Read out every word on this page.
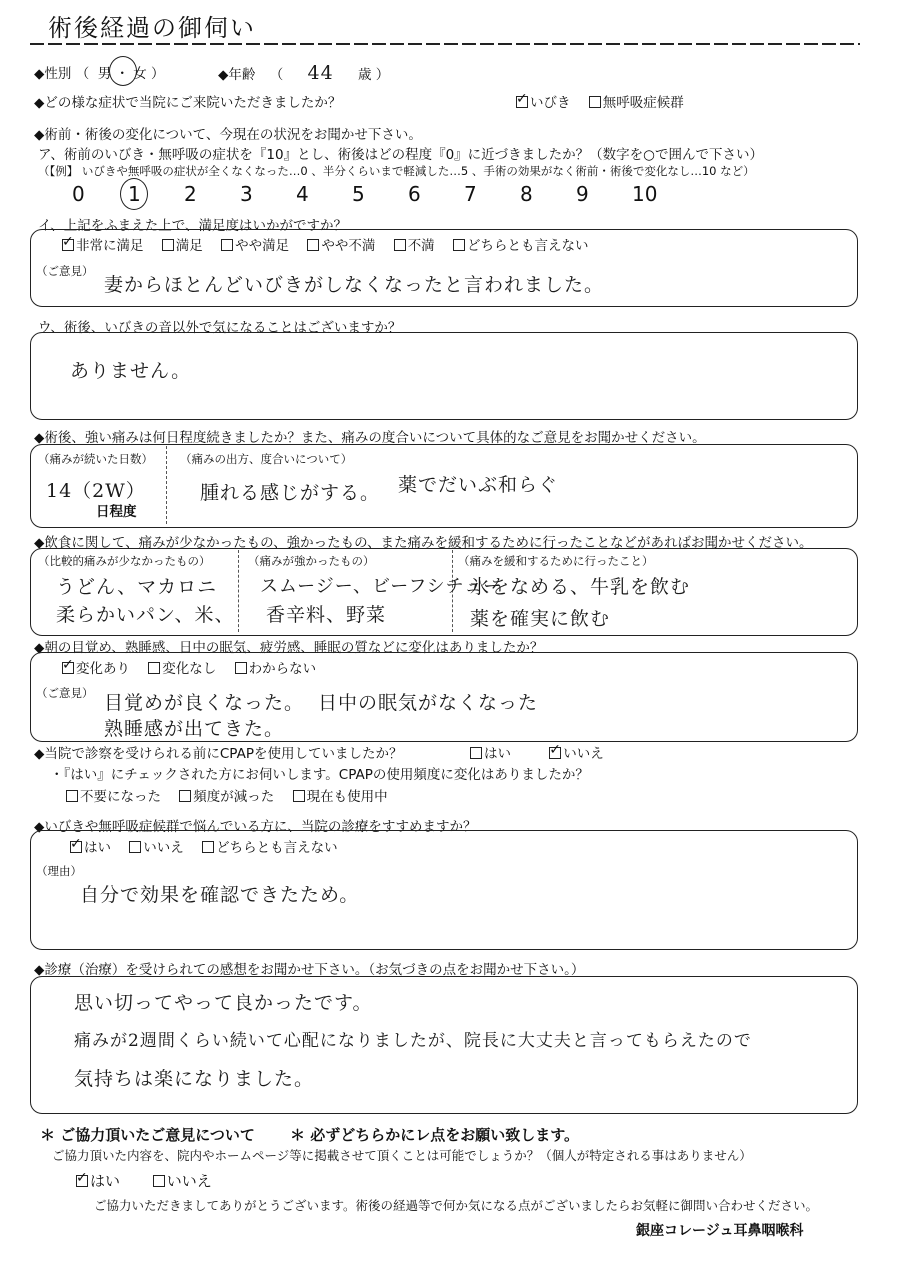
術後経過の御伺い
◆性別 （ 男 ・ 女 ）	◆年齢 （ 44 歳 ）
◆どの様な症状で当院にご来院いただきましたか？ ✓	いびき 無呼吸症候群
◆術前・術後の変化について、今現在の状況をお聞かせ下さい。
ア、術前のいびき・無呼吸の症状を『10』とし、術後はどの程度『0』に近づきましたか？（数字を○で囲んで下さい）
（【例】 いびきや無呼吸の症状が全くなくなった…0 、半分くらいまで軽減した…5 、手術の効果がなく術前・術後で変化なし…10 など）
0 1 2 3 4 5 6 7 8 9 10
イ、上記をふまえた上で、満足度はいかがですか？
✓非常に満足 満足 やや満足 やや不満 不満 どちらとも言えない
（ご意見）
妻からほとんどいびきがしなくなったと言われました。
ウ、術後、いびきの音以外で気になることはございますか？
ありません。
◆術後、強い痛みは何日程度続きましたか？また、痛みの度合いについて具体的なご意見をお聞かせください。
（痛みが続いた日数） （痛みの出方、度合いについて）
14（2W）
日程度
腫れる感じがする。 薬でだいぶ和らぐ
◆飲食に関して、痛みが少なかったもの、強かったもの、また痛みを緩和するために行ったことなどがあればお聞かせください。
（比較的痛みが少なかったもの）
うどん、マカロニ
柔らかいパン、米、
（痛みが強かったもの）
スムージー、ビーフシチュー
香辛料、野菜
（痛みを緩和するために行ったこと）
氷をなめる、牛乳を飲む
薬を確実に飲む
◆朝の目覚め、熟睡感、日中の眠気、疲労感、睡眠の質などに変化はありましたか？
✓変化あり 変化なし わからない
（ご意見） 目覚めが良くなった。 日中の眠気がなくなった
熟睡感が出てきた。
◆当院で診察を受けられる前にCPAPを使用していましたか？	はい ✓	いいえ
・『はい』にチェックされた方にお伺いします。CPAPの使用頻度に変化はありましたか？
不要になった 頻度が減った 現在も使用中
◆いびきや無呼吸症候群で悩んでいる方に、当院の診療をすすめますか？
✓はい いいえ どちらとも言えない
（理由）
自分で効果を確認できたため。
◆診療（治療）を受けられての感想をお聞かせ下さい。（お気づきの点をお聞かせ下さい。）
思い切ってやって良かったです。
痛みが2週間くらい続いて心配になりましたが、院長に大丈夫と言ってもらえたので
気持ちは楽になりました。
＊ ご協力頂いたご意見について ＊ 必ずどちらかにレ点をお願い致します。
ご協力頂いた内容を、院内やホームページ等に掲載させて頂くことは可能でしょうか？（個人が特定される事はありません）
✓はい	いいえ
ご協力いただきましてありがとうございます。術後の経過等で何か気になる点がございましたらお気軽に御問い合わせください。
銀座コレージュ耳鼻咽喉科
